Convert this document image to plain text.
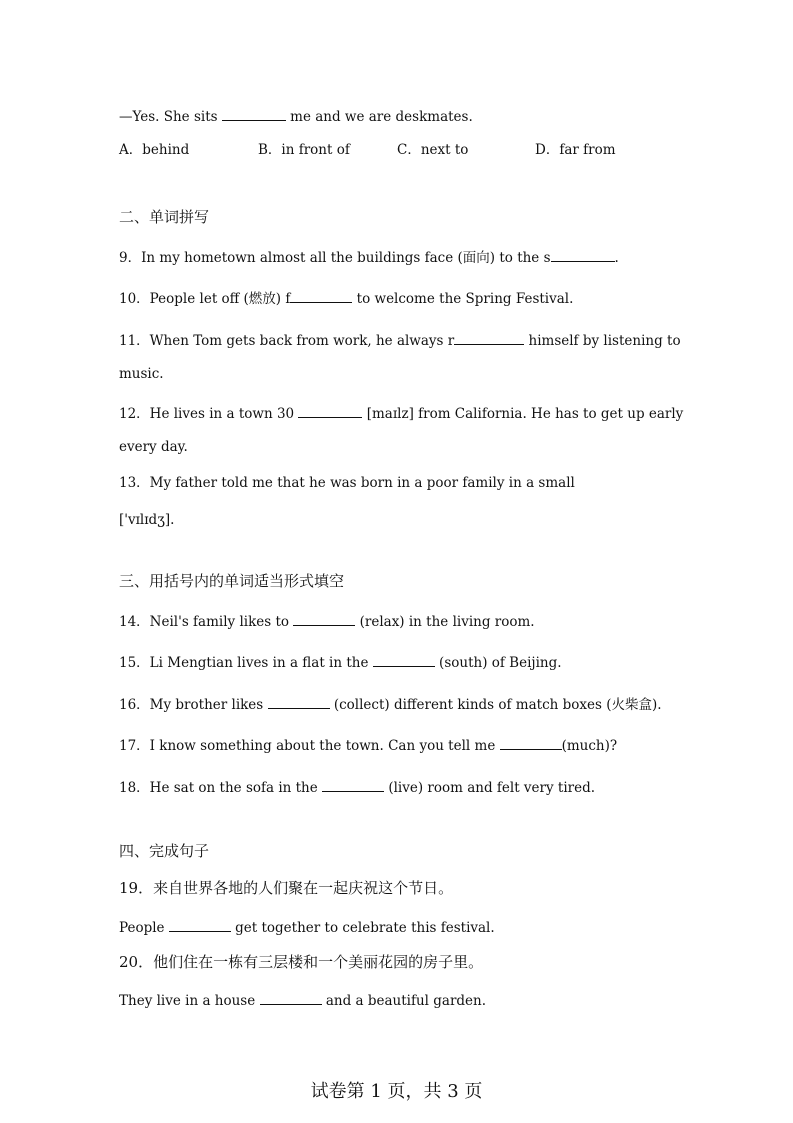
—Yes. She sits	me and we are deskmates.
A．behind	B．in front of	C．next to	D．far from
二、单词拼写
9．In my hometown almost all the buildings face (面向) to the s	.
10．People let off (燃放) f	to welcome the Spring Festival.
11．When Tom gets back from work, he always r	himself by listening to
music.
12．He lives in a town 30	[maɪlz] from California. He has to get up early
every day.
13．My father told me that he was born in a poor family in a small
['vɪlɪdʒ].
三、用括号内的单词适当形式填空
14．Neil's family likes to	(relax) in the living room.
15．Li Mengtian lives in a flat in the	(south) of Beijing.
16．My brother likes	(collect) different kinds of match boxes (火柴盒).
17．I know something about the town. Can you tell me	(much)?
18．He sat on the sofa in the	(live) room and felt very tired.
四、完成句子
19．来自世界各地的人们聚在一起庆祝这个节日。
People	get together to celebrate this festival.
20．他们住在一栋有三层楼和一个美丽花园的房子里。
They live in a house	and a beautiful garden.
试卷第 1 页，共 3 页
